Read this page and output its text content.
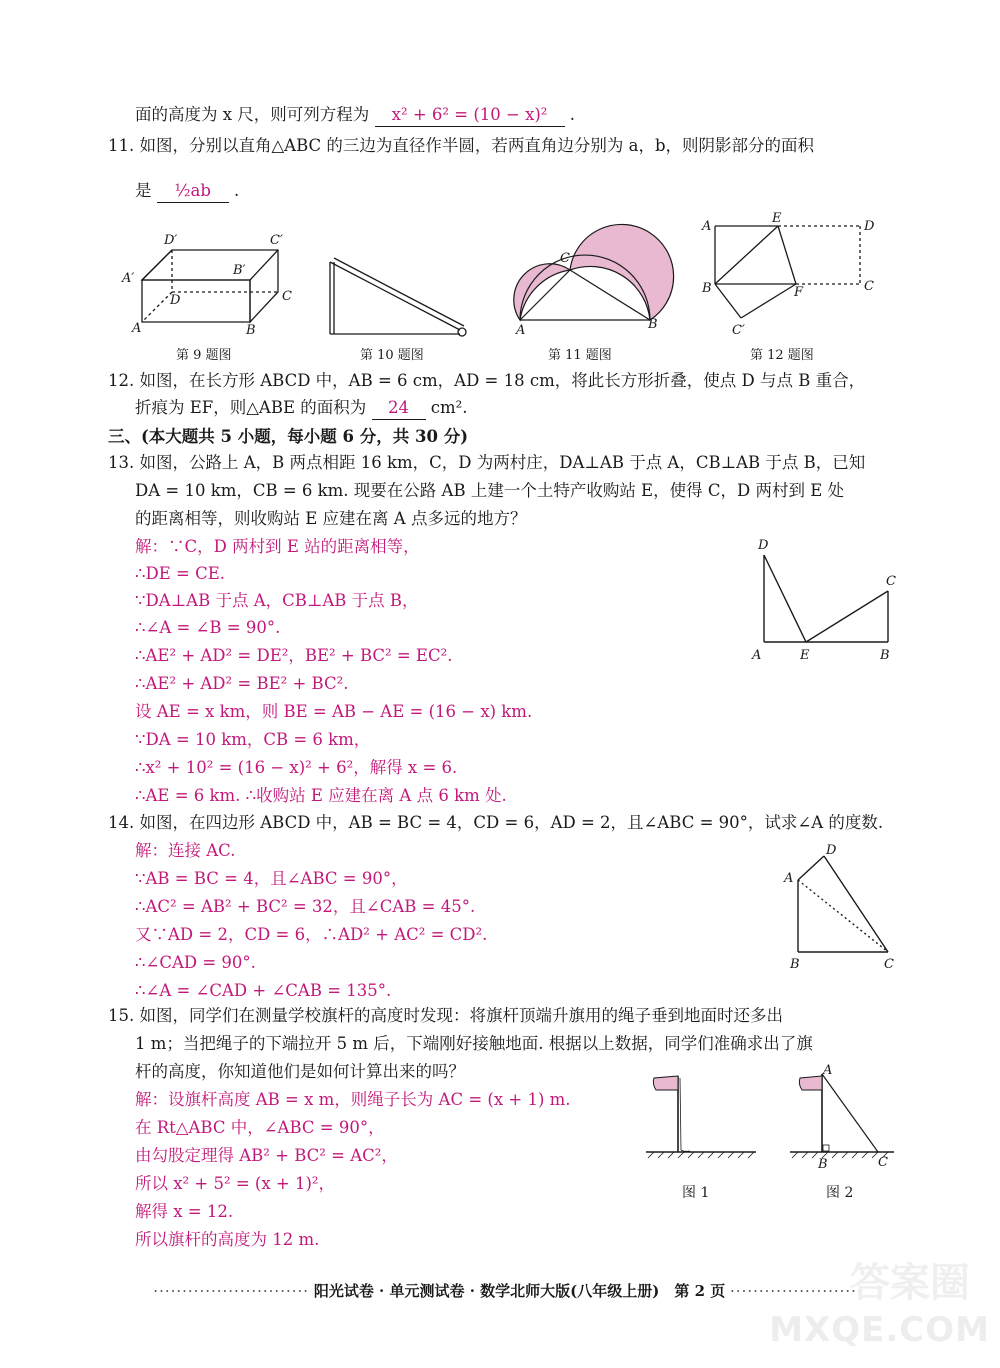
面的高度为 x 尺，则可列方程为 x² + 6² = (10 − x)² .
11. 如图，分别以直角△ABC 的三边为直径作半圆，若两直角边分别为 a，b，则阴影部分的面积
是 ½ab .
D′	C′
A′
B′
D	C
A	B
C
A	B
A
E
D
B	F	C
C′
第 9 题图	第 10 题图	第 11 题图	第 12 题图
12. 如图，在长方形 ABCD 中，AB = 6 cm，AD = 18 cm，将此长方形折叠，使点 D 与点 B 重合，
折痕为 EF，则△ABE 的面积为 24 cm².
三、(本大题共 5 小题，每小题 6 分，共 30 分)
13. 如图，公路上 A，B 两点相距 16 km，C，D 为两村庄，DA⊥AB 于点 A，CB⊥AB 于点 B，已知
DA = 10 km，CB = 6 km. 现要在公路 AB 上建一个土特产收购站 E，使得 C，D 两村到 E 处
的距离相等，则收购站 E 应建在离 A 点多远的地方？
解：∵C，D 两村到 E 站的距离相等，
∴DE = CE.
∵DA⊥AB 于点 A，CB⊥AB 于点 B，
∴∠A = ∠B = 90°.
∴AE² + AD² = DE²，BE² + BC² = EC².
∴AE² + AD² = BE² + BC².
设 AE = x km，则 BE = AB − AE = (16 − x) km.
∵DA = 10 km，CB = 6 km，
∴x² + 10² = (16 − x)² + 6²，解得 x = 6.
∴AE = 6 km. ∴收购站 E 应建在离 A 点 6 km 处.
D
C
A	E	B
14. 如图，在四边形 ABCD 中，AB = BC = 4，CD = 6，AD = 2，且∠ABC = 90°，试求∠A 的度数.
解：连接 AC.
∵AB = BC = 4，且∠ABC = 90°，
∴AC² = AB² + BC² = 32，且∠CAB = 45°.
又∵AD = 2，CD = 6，∴AD² + AC² = CD².
∴∠CAD = 90°.
∴∠A = ∠CAD + ∠CAB = 135°.
D
A
B	C
15. 如图，同学们在测量学校旗杆的高度时发现：将旗杆顶端升旗用的绳子垂到地面时还多出
1 m；当把绳子的下端拉开 5 m 后，下端刚好接触地面. 根据以上数据，同学们准确求出了旗
杆的高度，你知道他们是如何计算出来的吗？
解：设旗杆高度 AB = x m，则绳子长为 AC = (x + 1) m.
在 Rt△ABC 中，∠ABC = 90°，
由勾股定理得 AB² + BC² = AC²，
所以 x² + 5² = (x + 1)²，
解得 x = 12.
所以旗杆的高度为 12 m.
A
B	C
图 1	图 2
··························· 阳光试卷 · 单元测试卷 · 数学北师大版(八年级上册)　第 2 页 ·······················
答案圈
MXQE.COM
